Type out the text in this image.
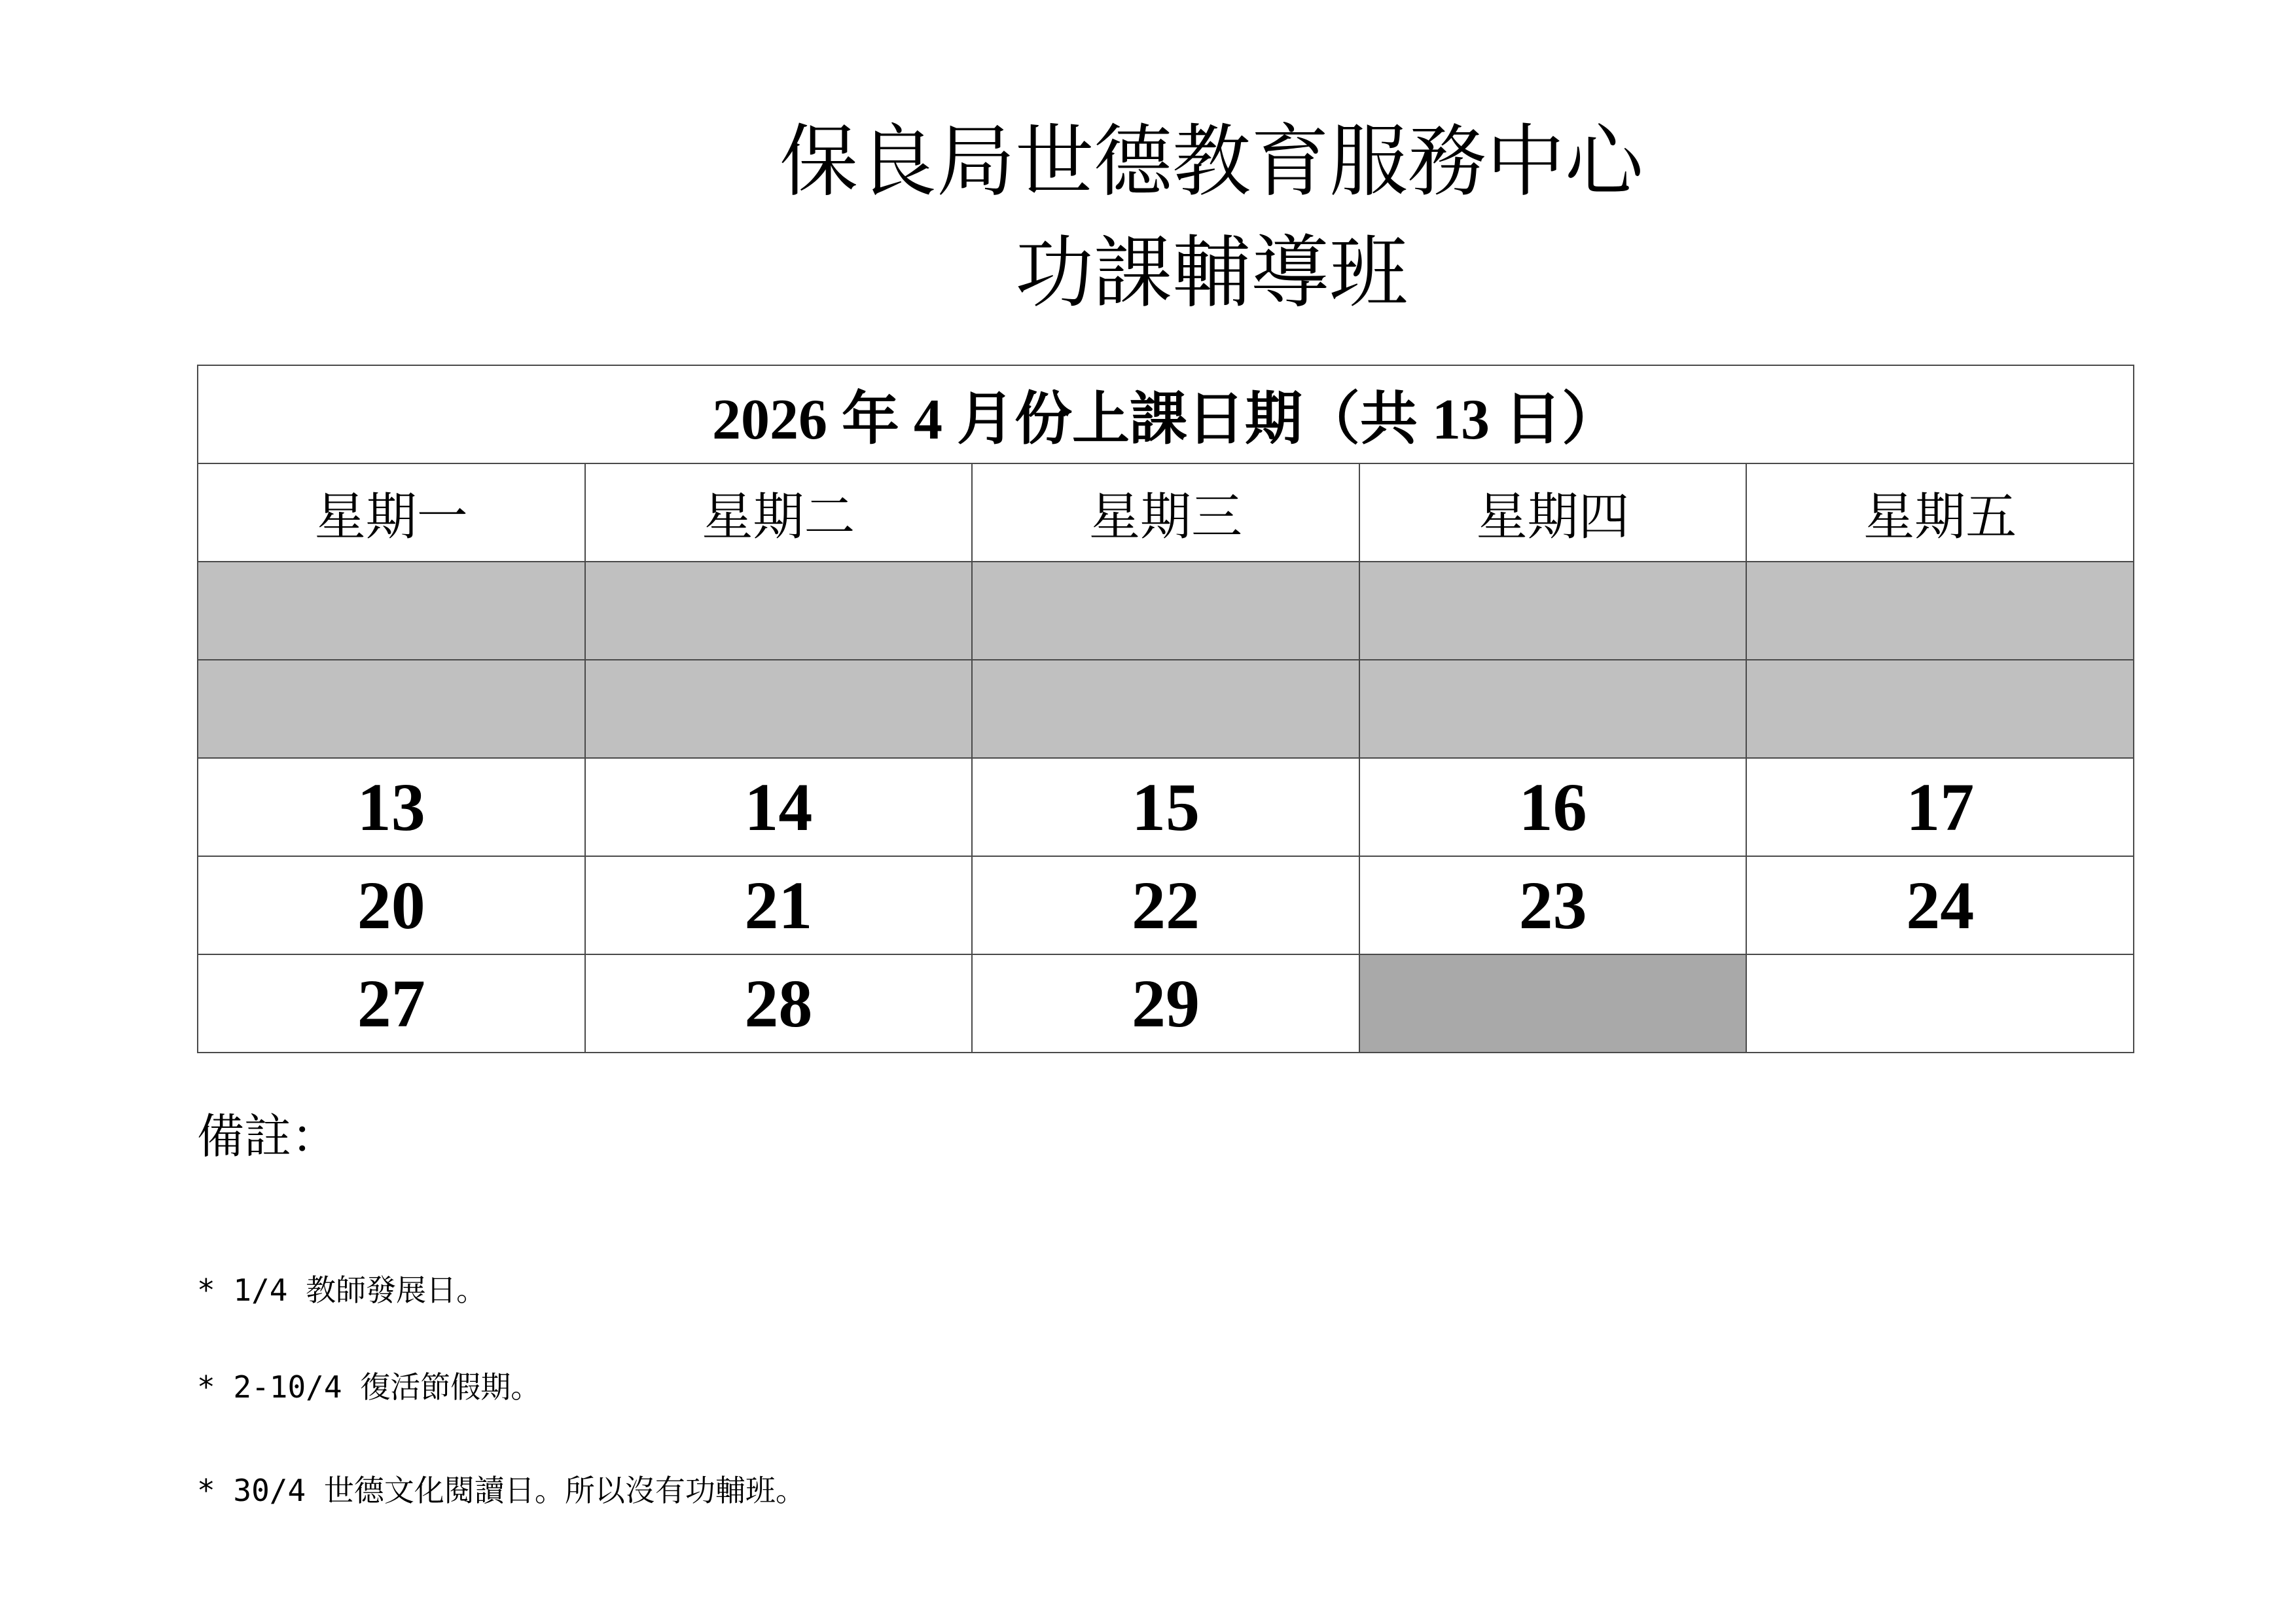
保良局世德教育服務中心
功課輔導班
2026 年 4 月份上課日期（共 13 日）				
星期一	星期二	星期三	星期四	星期五

13	14	15	16	17
20	21	22	23	24
27	28	29		
備註：

* 1/4 教師發展日。

* 2-10/4 復活節假期。

* 30/4 世德文化閱讀日。所以沒有功輔班。
